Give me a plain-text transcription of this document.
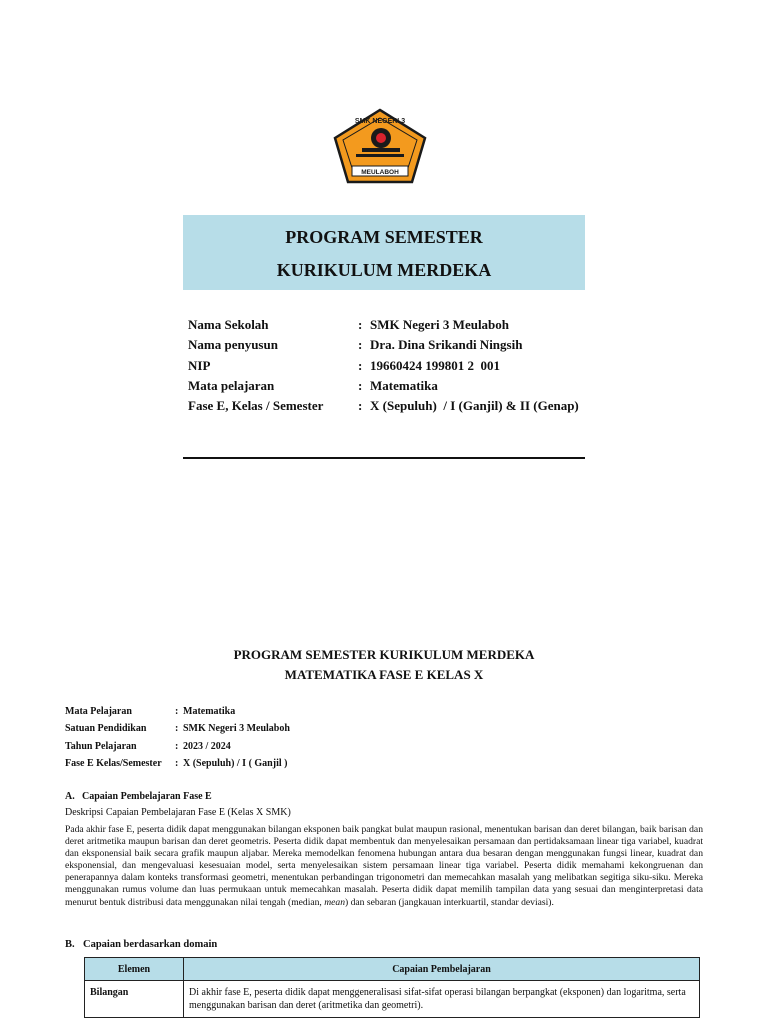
MEULABOH
SMK NEGERI 3
PROGRAM SEMESTER
KURIKULUM MERDEKA
Nama Sekolah	: SMK Negeri 3 Meulaboh
Nama penyusun	: Dra. Dina Srikandi Ningsih
NIP	: 19660424 199801 2  001
Mata pelajaran	: Matematika
Fase E, Kelas / Semester	: X (Sepuluh)  / I (Ganjil) & II (Genap)
PROGRAM SEMESTER KURIKULUM MERDEKA
MATEMATIKA FASE E KELAS X
Mata Pelajaran	: Matematika
Satuan Pendidikan	: SMK Negeri 3 Meulaboh
Tahun Pelajaran	: 2023 / 2024
Fase E Kelas/Semester	: X (Sepuluh) / I ( Ganjil )
A. Capaian Pembelajaran Fase E
Deskripsi Capaian Pembelajaran Fase E (Kelas X SMK)
Pada akhir fase E, peserta didik dapat menggunakan bilangan eksponen baik pangkat bulat maupun rasional, menentukan barisan dan deret bilangan, baik barisan dan deret aritmetika maupun barisan dan deret geometris. Peserta didik dapat membentuk dan menyelesaikan persamaan dan pertidaksamaan linear tiga variabel, kuadrat dan eksponensial baik secara grafik maupun aljabar. Mereka memodelkan fenomena hubungan antara dua besaran dengan menggunakan fungsi linear, kuadrat dan eksponensial, dan mengevaluasi kesesuaian model, serta menyelesaikan sistem persamaan linear tiga variabel. Peserta didik memahami kekongruenan dan penerapannya dalam konteks transformasi geometri, menentukan perbandingan trigonometri dan memecahkan masalah yang melibatkan segitiga siku-siku. Mereka menggunakan rumus volume dan luas permukaan untuk memecahkan masalah. Peserta didik dapat memilih tampilan data yang sesuai dan menginterpretasi data menurut bentuk distribusi data menggunakan nilai tengah (median, mean) dan sebaran (jangkauan interkuartil, standar deviasi).
B. Capaian berdasarkan domain
Elemen	Capaian Pembelajaran
Bilangan	Di akhir fase E, peserta didik dapat menggeneralisasi sifat-sifat operasi bilangan berpangkat (eksponen) dan logaritma, serta menggunakan barisan dan deret (aritmetika dan geometri).
